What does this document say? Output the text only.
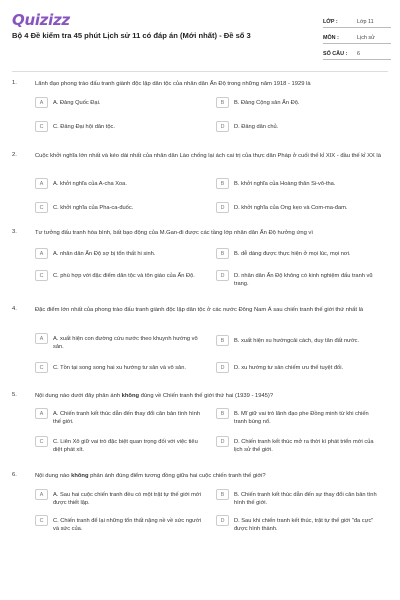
Quizizz
Bộ 4 Đề kiểm tra 45 phút Lịch sử 11 có đáp án (Mới nhất) - Đề số 3
LỚP :	Lớp 11
MÔN :	Lịch sử
SỐ CÂU :	6
1.	Lãnh đạo phong trào đấu tranh giành độc lập dân tộc của nhân dân Ấn Độ trong những năm 1918 - 1929 là
A	A. Đảng Quốc Đại.	B	B. Đảng Cộng sản Ấn Độ.
C	C. Đảng Đại hội dân tộc.	D	D. Đảng dân chủ.
2.	Cuộc khởi nghĩa lớn nhất và kéo dài nhất của nhân dân Lào chống lại ách cai trị của thực dân Pháp ở cuối thế kỉ XIX - đầu thế kỉ XX là
A	A. khởi nghĩa của A-cha Xoa.	B	B. khởi nghĩa của Hoàng thân Si-vô-tha.
C	C. khởi nghĩa của Pha-ca-đuốc.	D	D. khởi nghĩa của Ong kẹo và Com-ma-đam.
3.	Tư tưởng đấu tranh hòa bình, bất bạo động của M.Gan-đi được các tầng lớp nhân dân Ấn Độ hưởng ứng vì
A	A. nhân dân Ấn Độ sợ bị tổn thất hi sinh.	B	B. dễ dàng được thực hiện ở mọi lúc, mọi nơi.
C	C. phù hợp với đặc điểm dân tộc và tôn giáo của Ấn Độ.	D	D. nhân dân Ấn Độ không có kinh nghiệm đấu tranh vũ trang.
4.	Đặc điểm lớn nhất của phong trào đấu tranh giành độc lập dân tộc ở các nước Đông Nam Á sau chiến tranh thế giới thứ nhất là
A	A. xuất hiện con đường cứu nước theo khuynh hướng vô sản.
B	B. xuất hiện xu hướngcải cách, duy tân đất nước.
C	C. Tồn tại song song hai xu hướng tư sản và vô sản.	D	D. xu hướng tư sản chiếm ưu thế tuyệt đối.
5.	Nội dung nào dưới đây phản ánh không đúng về Chiến tranh thế giới thứ hai (1939 - 1945)?
A	A. Chiến tranh kết thúc dẫn đến thay đổi căn bản tình hình thế giới.
B	B. Mĩ giữ vai trò lãnh đạo phe Đồng minh từ khi chiến tranh bùng nổ.
C	C. Liên Xô giữ vai trò đặc biệt quan trọng đối với việc tiêu diệt phát xít.
D	D. Chiến tranh kết thúc mở ra thời kì phát triển mới của lịch sử thế giới.
6.	Nội dung nào không phản ánh đúng điểm tương đồng giữa hai cuộc chiến tranh thế giới?
A	A. Sau hai cuộc chiến tranh đều có một trật tự thế giới mới được thiết lập.
B	B. Chiến tranh kết thúc dẫn đến sự thay đổi căn bản tình hình thế giới.
C	C. Chiến tranh để lại những tổn thất nặng nề về sức người và sức của.
D	D. Sau khi chiến tranh kết thúc, trật tự thế giới "đa cực" được hình thành.
